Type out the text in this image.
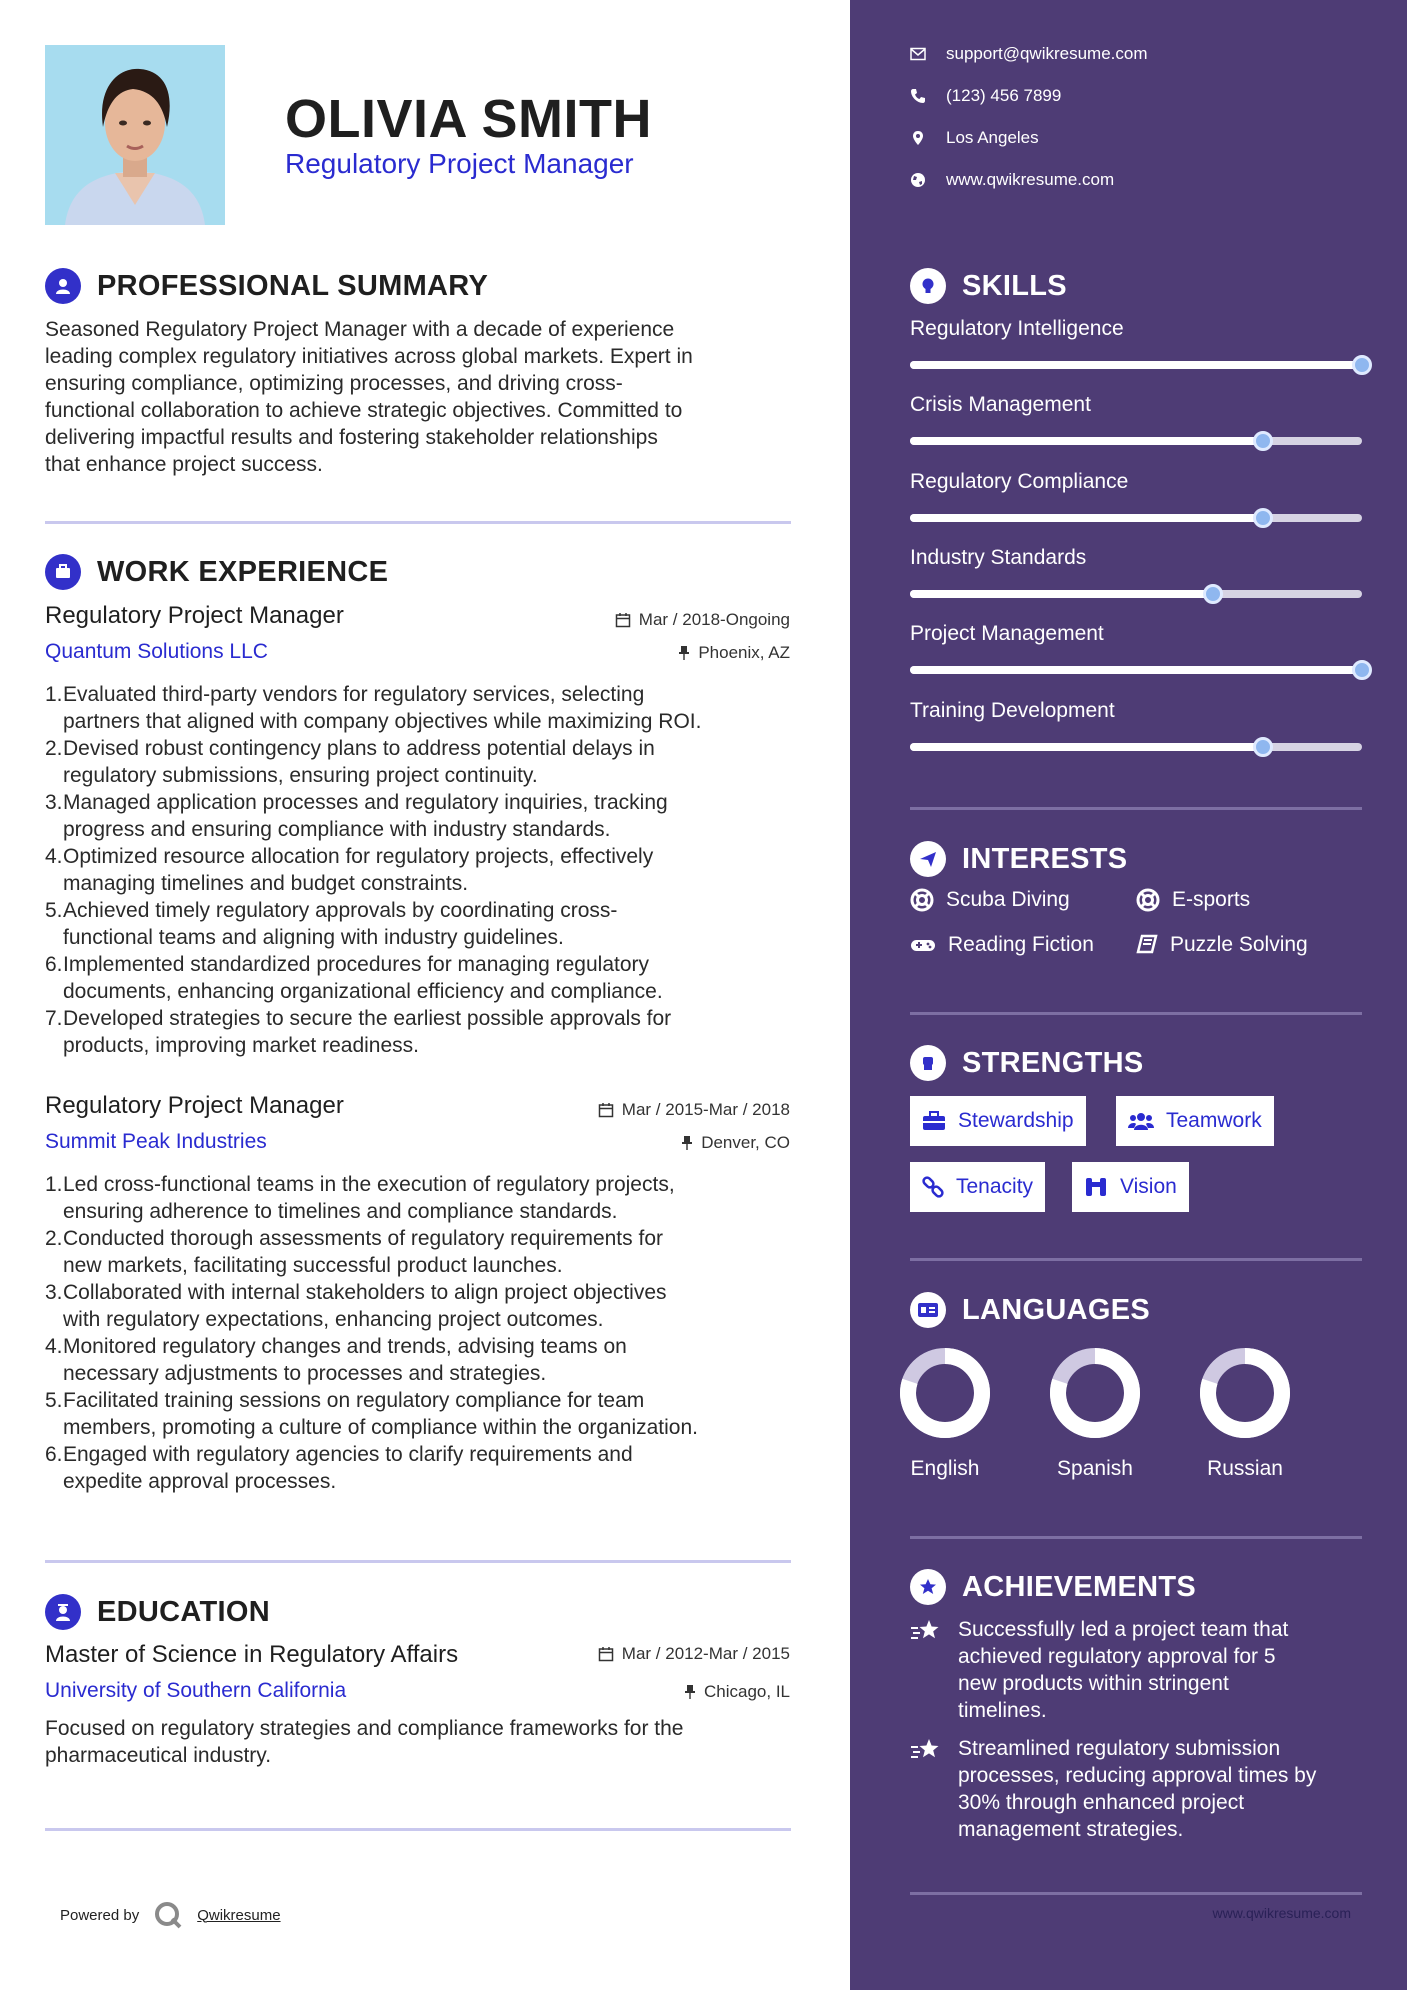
OLIVIA SMITH
Regulatory Project Manager
PROFESSIONAL SUMMARY
Seasoned Regulatory Project Manager with a decade of experience
leading complex regulatory initiatives across global markets. Expert in
ensuring compliance, optimizing processes, and driving cross-
functional collaboration to achieve strategic objectives. Committed to
delivering impactful results and fostering stakeholder relationships
that enhance project success.
WORK EXPERIENCE
Regulatory Project Manager	Mar / 2018-Ongoing
Quantum Solutions LLC	Phoenix, AZ
1. Evaluated third-party vendors for regulatory services, selecting
partners that aligned with company objectives while maximizing ROI.
2. Devised robust contingency plans to address potential delays in
regulatory submissions, ensuring project continuity.
3. Managed application processes and regulatory inquiries, tracking
progress and ensuring compliance with industry standards.
4. Optimized resource allocation for regulatory projects, effectively
managing timelines and budget constraints.
5. Achieved timely regulatory approvals by coordinating cross-
functional teams and aligning with industry guidelines.
6. Implemented standardized procedures for managing regulatory
documents, enhancing organizational efficiency and compliance.
7. Developed strategies to secure the earliest possible approvals for
products, improving market readiness.
Regulatory Project Manager	Mar / 2015-Mar / 2018
Summit Peak Industries	Denver, CO
1. Led cross-functional teams in the execution of regulatory projects,
ensuring adherence to timelines and compliance standards.
2. Conducted thorough assessments of regulatory requirements for
new markets, facilitating successful product launches.
3. Collaborated with internal stakeholders to align project objectives
with regulatory expectations, enhancing project outcomes.
4. Monitored regulatory changes and trends, advising teams on
necessary adjustments to processes and strategies.
5. Facilitated training sessions on regulatory compliance for team
members, promoting a culture of compliance within the organization.
6. Engaged with regulatory agencies to clarify requirements and
expedite approval processes.
EDUCATION
Master of Science in Regulatory Affairs	Mar / 2012-Mar / 2015
University of Southern California	Chicago, IL
Focused on regulatory strategies and compliance frameworks for the
pharmaceutical industry.
Powered by	Qwikresume
support@qwikresume.com
(123) 456 7899
Los Angeles
www.qwikresume.com
SKILLS
Regulatory Intelligence
Crisis Management
Regulatory Compliance
Industry Standards
Project Management
Training Development
INTERESTS
Scuba Diving	E-sports
Reading Fiction	Puzzle Solving
STRENGTHS
Stewardship	Teamwork
Tenacity	Vision
LANGUAGES
English	Spanish	Russian
ACHIEVEMENTS
Successfully led a project team that
achieved regulatory approval for 5
new products within stringent
timelines.
Streamlined regulatory submission
processes, reducing approval times by
30% through enhanced project
management strategies.
www.qwikresume.com
